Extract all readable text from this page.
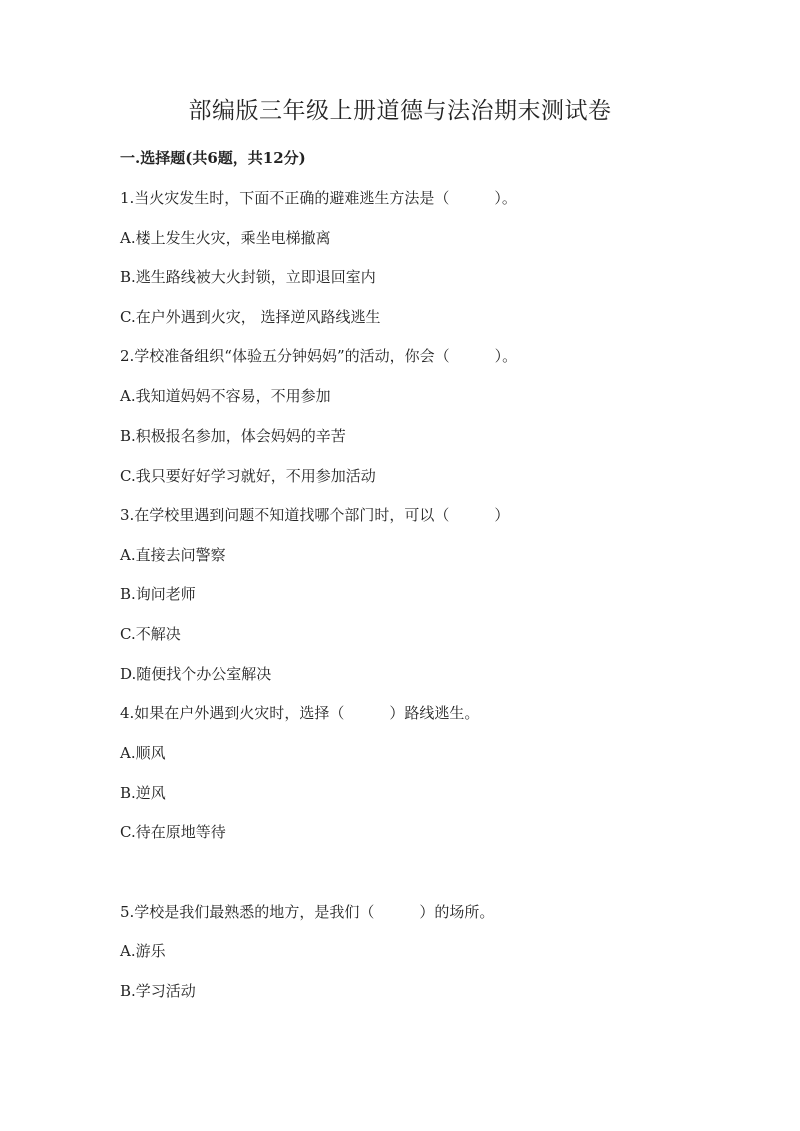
部编版三年级上册道德与法治期末测试卷
一.选择题(共6题，共12分)

1.当火灾发生时，下面不正确的避难逃生方法是（　　　）。

A.楼上发生火灾，乘坐电梯撤离

B.逃生路线被大火封锁，立即退回室内

C.在户外遇到火灾， 选择逆风路线逃生

2.学校准备组织“体验五分钟妈妈”的活动，你会（　　　）。

A.我知道妈妈不容易，不用参加

B.积极报名参加，体会妈妈的辛苦

C.我只要好好学习就好，不用参加活动

3.在学校里遇到问题不知道找哪个部门时，可以（　　　）

A.直接去问警察

B.询问老师

C.不解决

D.随便找个办公室解决

4.如果在户外遇到火灾时，选择（　　　）路线逃生。

A.顺风

B.逆风

C.待在原地等待

5.学校是我们最熟悉的地方，是我们（　　　）的场所。

A.游乐

B.学习活动
